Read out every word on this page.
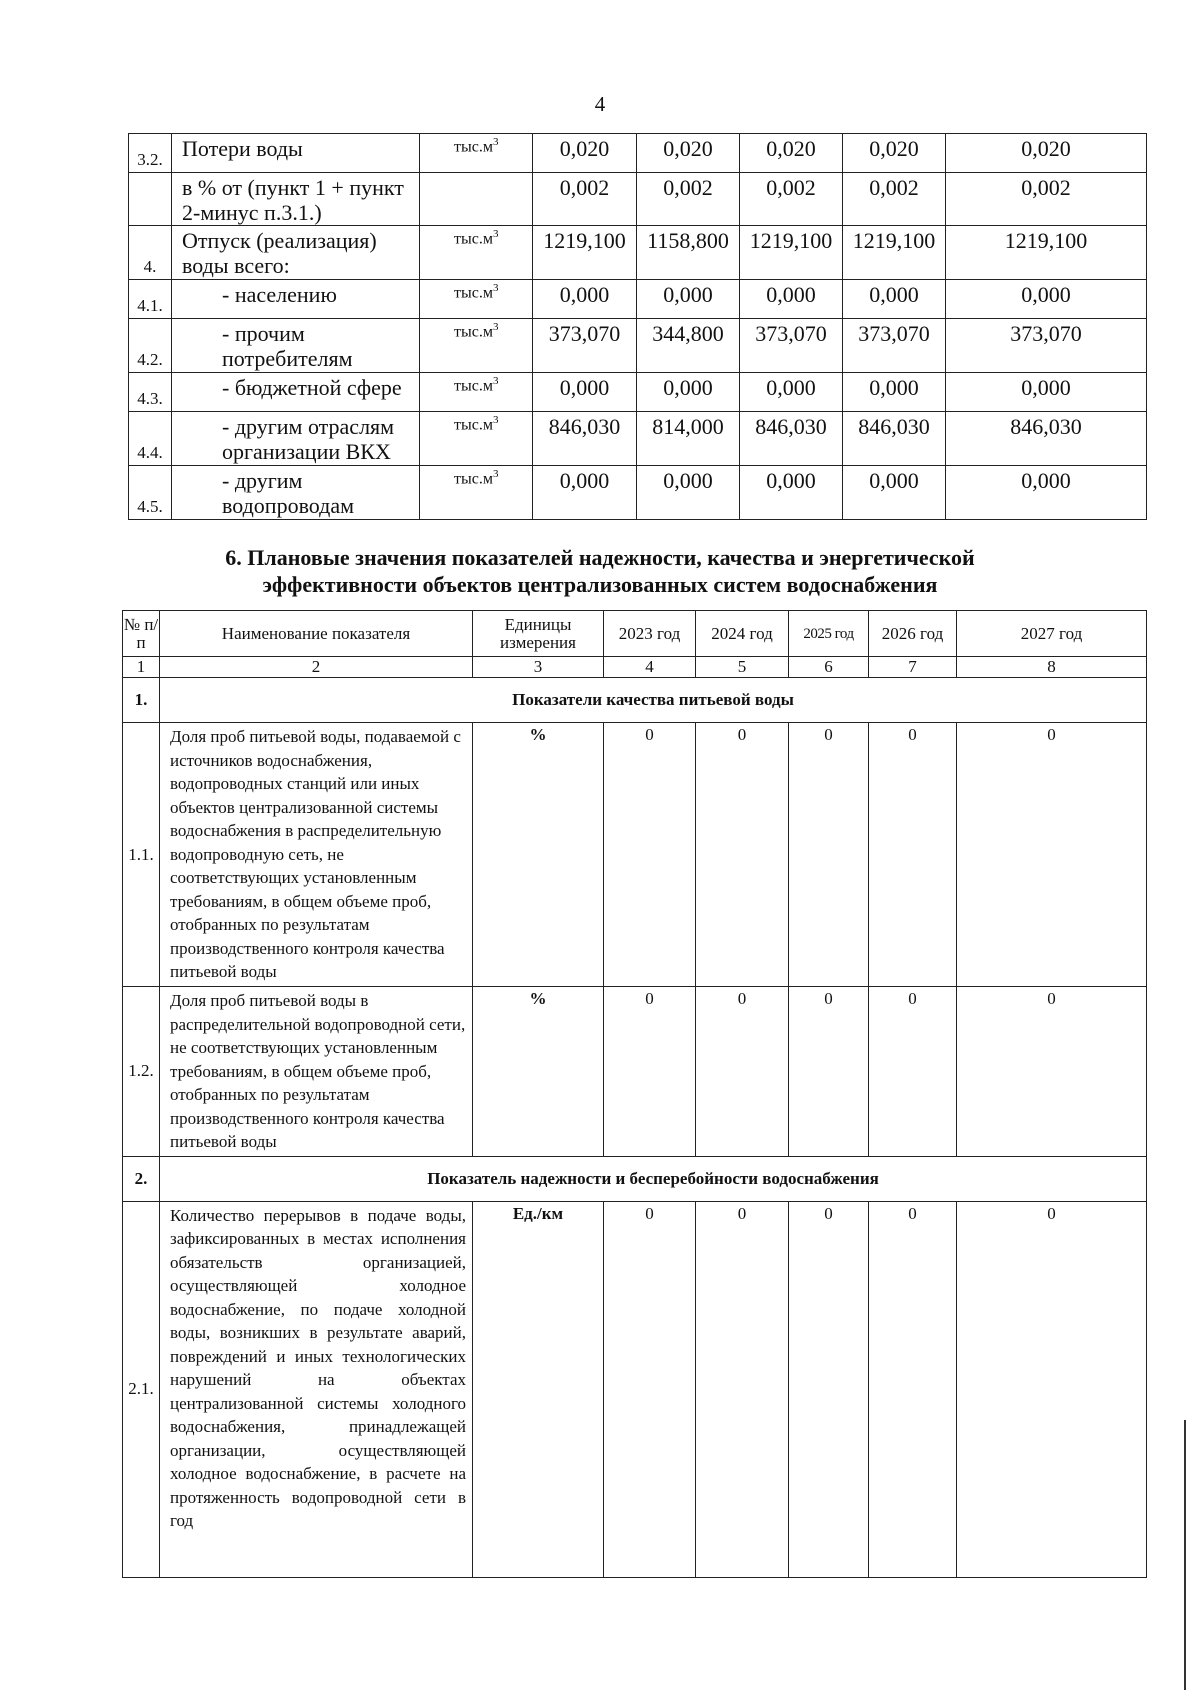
4
3.2.	Потери воды	$тыс.м^3$	0,020	0,020	0,020	0,020	0,020
	в % от (пункт 1 + пункт 2-минус п.3.1.)		0,002	0,002	0,002	0,002	0,002
4.	Отпуск (реализация) воды всего:	$тыс.м^3$	1219,100	1158,800	1219,100	1219,100	1219,100
4.1.	- населению	$тыс.м^3$	0,000	0,000	0,000	0,000	0,000
4.2.	- прочим потребителям	$тыс.м^3$	373,070	344,800	373,070	373,070	373,070
4.3.	- бюджетной сфере	$тыс.м^3$	0,000	0,000	0,000	0,000	0,000
4.4.	- другим отраслям организации ВКХ	$тыс.м^3$	846,030	814,000	846,030	846,030	846,030
4.5.	- другим водопроводам	$тыс.м^3$	0,000	0,000	0,000	0,000	0,000
6. Плановые значения показателей надежности, качества и энергетической
эффективности объектов централизованных систем водоснабжения
№ п/п	Наименование показателя	Единицы измерения	2023 год	2024 год	2025 год	2026 год	2027 год
1	2	3	4	5	6	7	8
1.	Показатели качества питьевой воды						
1.1.	Доля проб питьевой воды, подаваемой с источников водоснабжения, водопроводных станций или иных объектов централизованной системы водоснабжения в распределительную водопроводную сеть, не соответствующих установленным требованиям, в общем объеме проб, отобранных по результатам производственного контроля качества питьевой воды	%	0	0	0	0	0
1.2.	Доля проб питьевой воды в распределительной водопроводной сети, не соответствующих установленным требованиям, в общем объеме проб, отобранных по результатам производственного контроля качества питьевой воды	%	0	0	0	0	0
2.	Показатель надежности и бесперебойности водоснабжения						
2.1.	Количество перерывов в подаче воды, зафиксированных в местах исполнения обязательств организацией, осуществляющей холодное водоснабжение, по подаче холодной воды, возникших в результате аварий, повреждений и иных технологических нарушений на объектах централизованной системы холодного водоснабжения, принадлежащей организации, осуществляющей холодное водоснабжение, в расчете на протяженность водопроводной сети в год	Ед./км	0	0	0	0	0
